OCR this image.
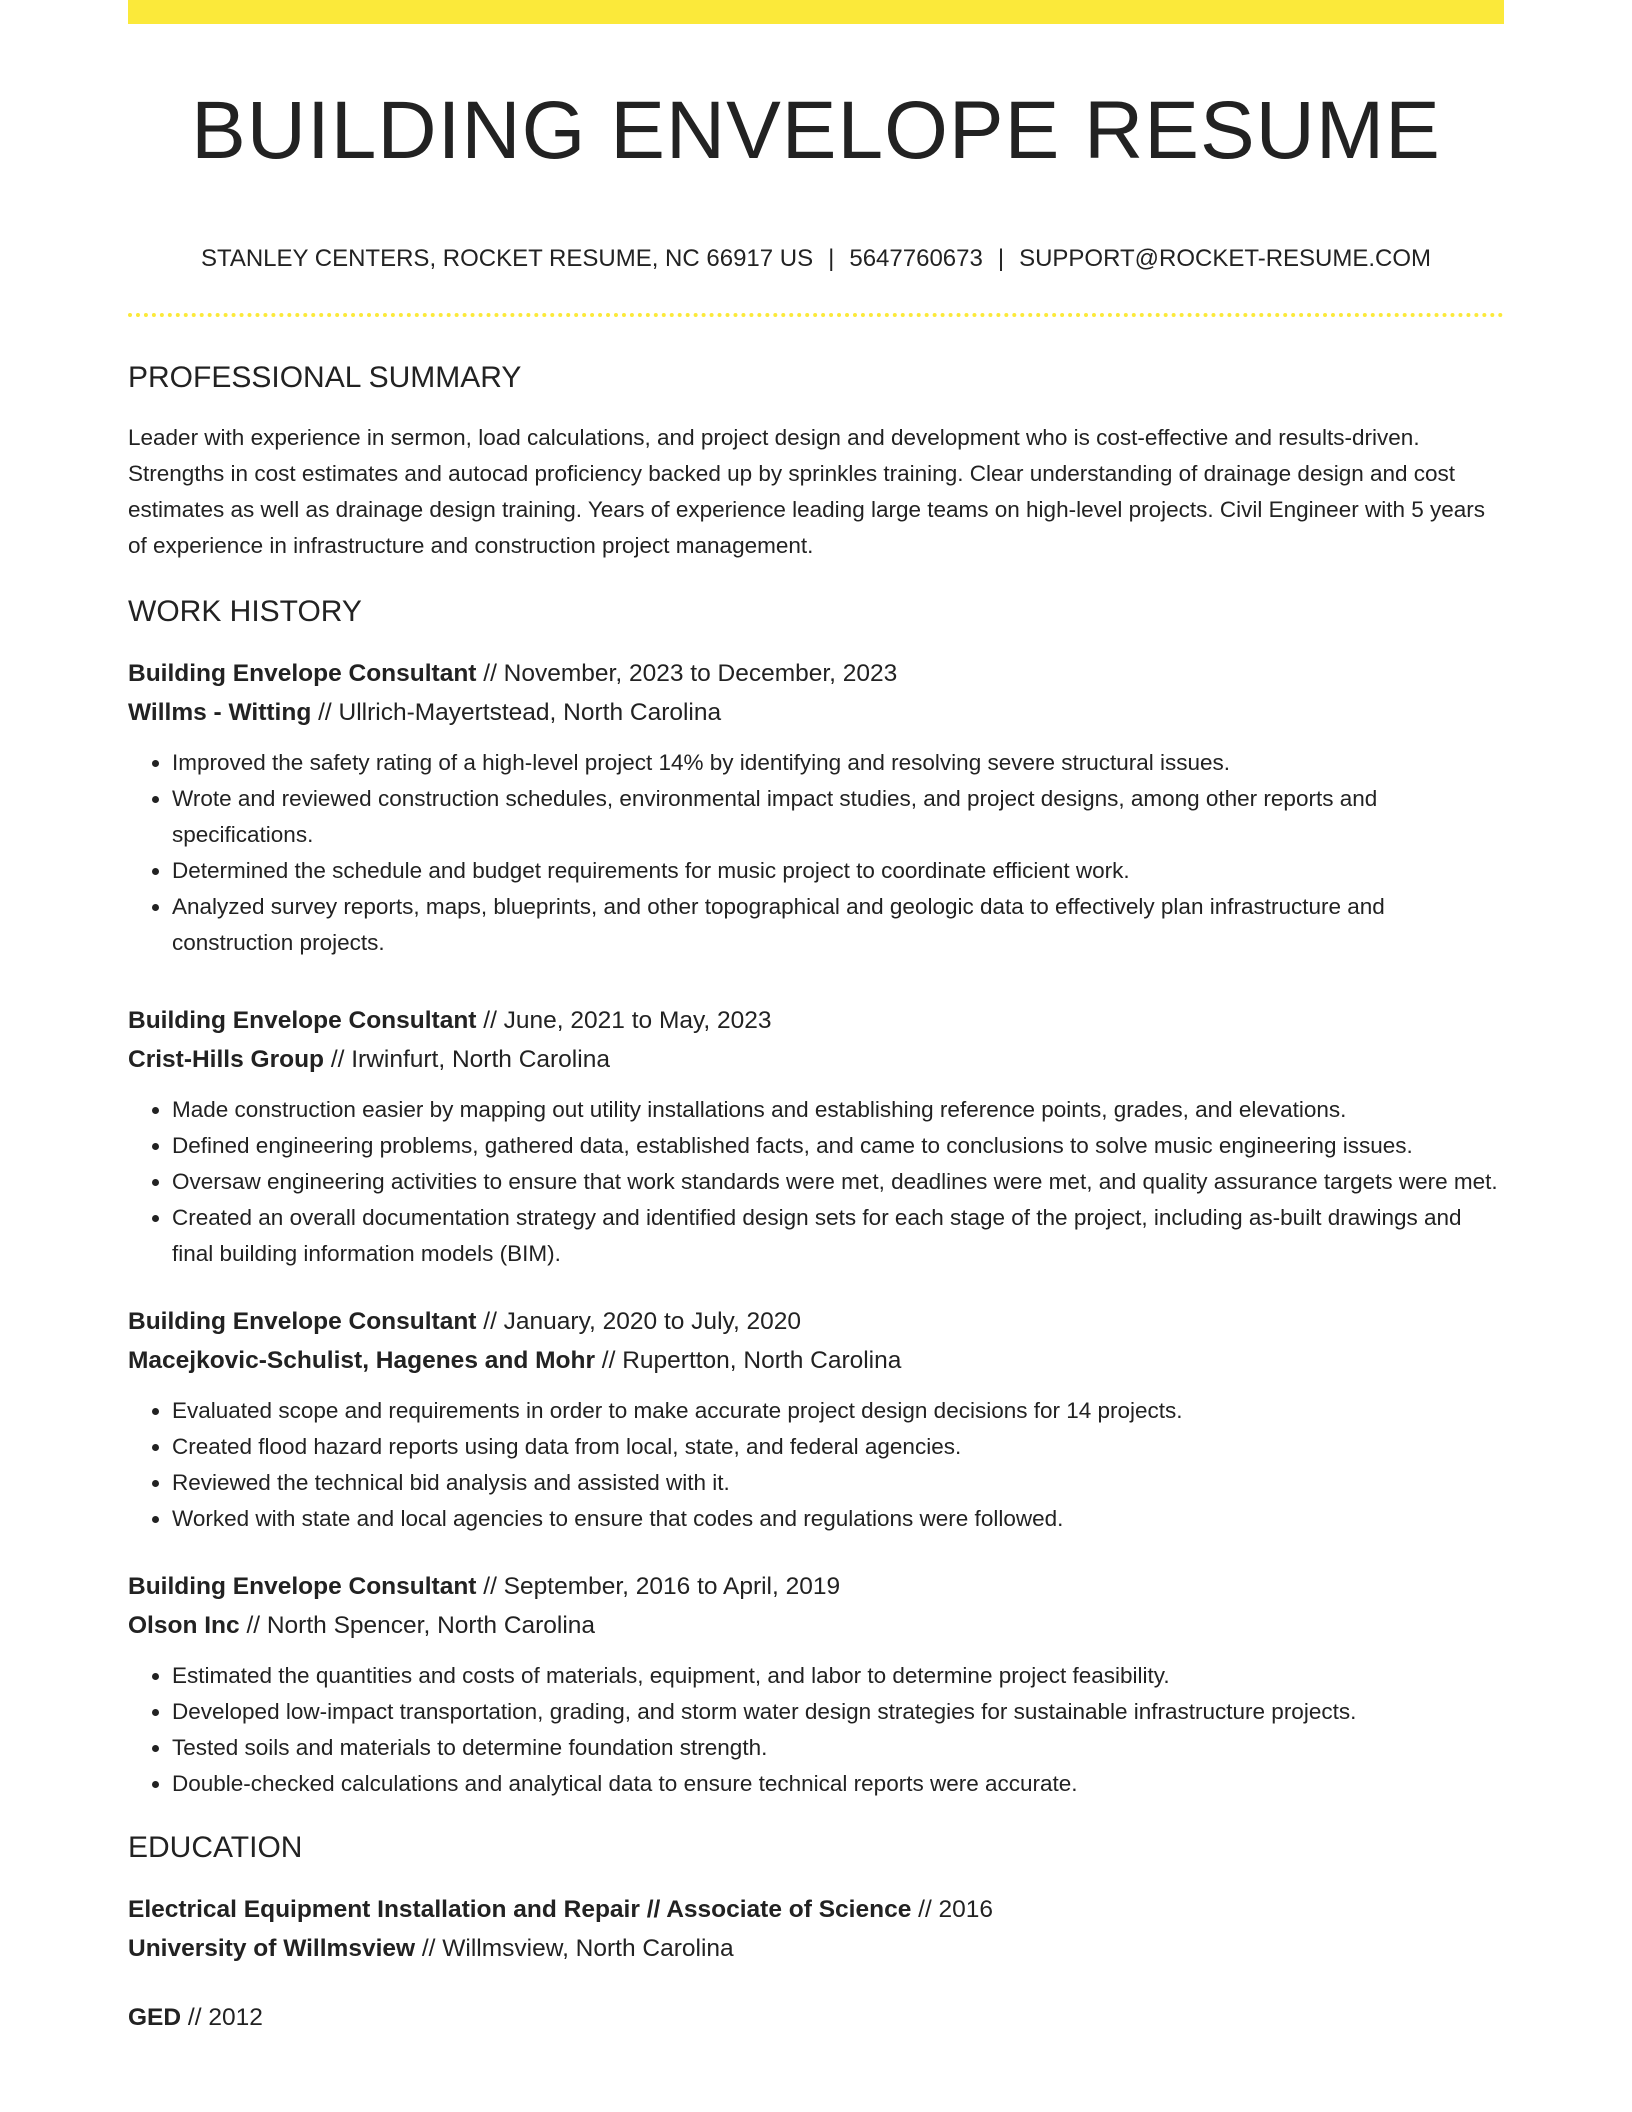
BUILDING ENVELOPE RESUME
STANLEY CENTERS, ROCKET RESUME, NC 66917 US | 5647760673 | SUPPORT@ROCKET-RESUME.COM
PROFESSIONAL SUMMARY
Leader with experience in sermon, load calculations, and project design and development who is cost-effective and results-driven. Strengths in cost estimates and autocad proficiency backed up by sprinkles training. Clear understanding of drainage design and cost estimates as well as drainage design training. Years of experience leading large teams on high-level projects. Civil Engineer with 5 years of experience in infrastructure and construction project management.
WORK HISTORY
Building Envelope Consultant // November, 2023 to December, 2023
Willms - Witting // Ullrich-Mayertstead, North Carolina
• Improved the safety rating of a high-level project 14% by identifying and resolving severe structural issues.
• Wrote and reviewed construction schedules, environmental impact studies, and project designs, among other reports and specifications.
• Determined the schedule and budget requirements for music project to coordinate efficient work.
• Analyzed survey reports, maps, blueprints, and other topographical and geologic data to effectively plan infrastructure and construction projects.
Building Envelope Consultant // June, 2021 to May, 2023
Crist-Hills Group // Irwinfurt, North Carolina
• Made construction easier by mapping out utility installations and establishing reference points, grades, and elevations.
• Defined engineering problems, gathered data, established facts, and came to conclusions to solve music engineering issues.
• Oversaw engineering activities to ensure that work standards were met, deadlines were met, and quality assurance targets were met.
• Created an overall documentation strategy and identified design sets for each stage of the project, including as-built drawings and final building information models (BIM).
Building Envelope Consultant // January, 2020 to July, 2020
Macejkovic-Schulist, Hagenes and Mohr // Rupertton, North Carolina
• Evaluated scope and requirements in order to make accurate project design decisions for 14 projects.
• Created flood hazard reports using data from local, state, and federal agencies.
• Reviewed the technical bid analysis and assisted with it.
• Worked with state and local agencies to ensure that codes and regulations were followed.
Building Envelope Consultant // September, 2016 to April, 2019
Olson Inc // North Spencer, North Carolina
• Estimated the quantities and costs of materials, equipment, and labor to determine project feasibility.
• Developed low-impact transportation, grading, and storm water design strategies for sustainable infrastructure projects.
• Tested soils and materials to determine foundation strength.
• Double-checked calculations and analytical data to ensure technical reports were accurate.
EDUCATION
Electrical Equipment Installation and Repair // Associate of Science // 2016
University of Willmsview // Willmsview, North Carolina
GED // 2012
